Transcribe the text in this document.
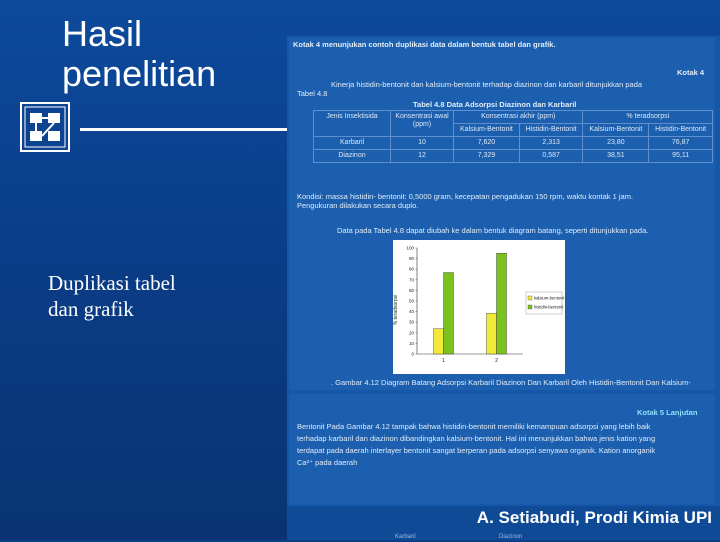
Hasil
penelitian
Duplikasi tabel
dan grafik
Kotak 4 menunjukan contoh duplikasi data dalam bentuk tabel dan grafik.
Kotak 4
Kinerja histidin-bentonit dan kalsium-bentonit terhadap diazinon dan karbaril ditunjukkan pada
Tabel 4.8
Tabel 4.8 Data Adsorpsi Diazinon dan Karbaril
Jenis Insektisida	Konsentrasi awal (ppm)	Konsentrasi akhir (ppm)		% teradsorpsi	
		Kalsium-Bentonit	Histidin-Bentonit	Kalsium-Bentonit	Histidin-Bentonit
Karbaril	10	7,620	2,313	23,80	76,87
Diazinon	12	7,329	0,587	38,51	95,11
Kondisi: massa histidin- bentonit: 0,5000 gram, kecepatan pengadukan 150 rpm, waktu kontak 1 jam.
Pengukuran dilakukan secara duplo.
Data pada Tabel 4.8 dapat diubah ke dalam bentuk diagram batang, seperti ditunjukkan pada.
0
10
20
30
40
50
60
70
80
90
100
% teradsorpsi
1	2
kalsium-bentonit
histidin-bentonit
. Gambar 4.12 Diagram Batang Adsorpsi Karbaril Diazinon Dan Karbaril Oleh Histidin-Bentonit Dan Kalsium-
Kotak 5 Lanjutan
Bentonit Pada Gambar 4.12 tampak bahwa histidin-bentonit memiliki kemampuan adsorpsi yang lebih baik
terhadap karbaril dan diazinon dibandingkan kalsium-bentonit. Hal ini menunjukkan bahwa jenis kation yang
terdapat pada daerah interlayer bentonit sangat berperan pada adsorpsi senyawa organik. Kation anorganik
Ca²⁺ pada daerah
Karbaril	Diazinon
A. Setiabudi, Prodi Kimia UPI
